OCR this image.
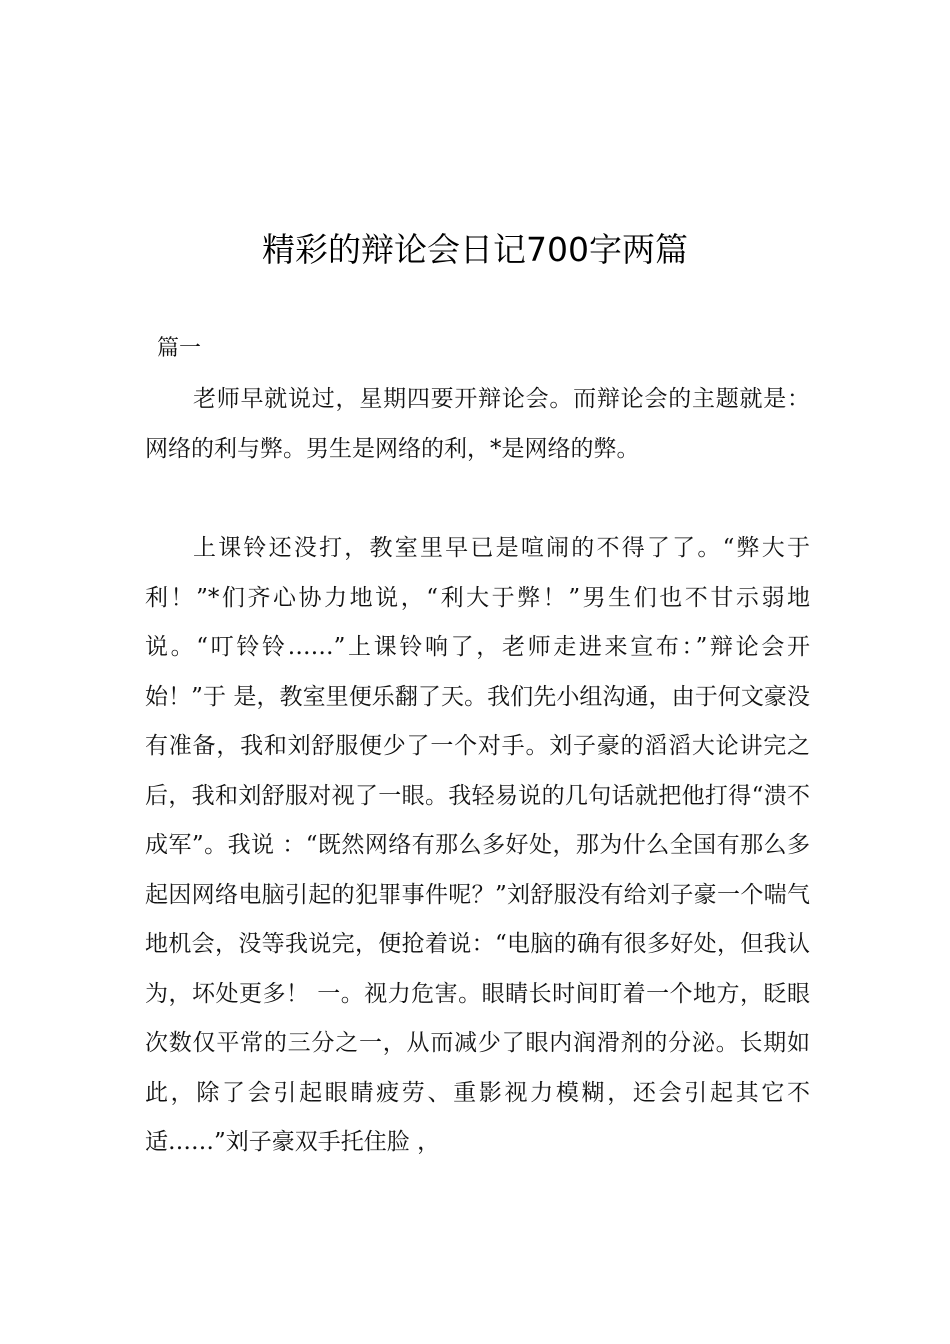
精彩的辩论会日记700字两篇

篇一

老师早就说过，星期四要开辩论会。而辩论会的主题就是：网络的利与弊。男生是网络的利，*是网络的弊。

上课铃还没打，教室里早已是喧闹的不得了了。“弊大于利！”*们齐心协力地说，“利大于弊！”男生们也不甘示弱地说。“叮铃铃……”上课铃响了，老师走进来宣布：”辩论会开始！”于 是，教室里便乐翻了天。我们先小组沟通，由于何文豪没有准备，我和刘舒服便少了一个对手。刘子豪的滔滔大论讲完之后，我和刘舒服对视了一眼。我轻易说的几句话就把他打得“溃不成军”。我说 ：“既然网络有那么多好处，那为什么全国有那么多起因网络电脑引起的犯罪事件呢？”刘舒服没有给刘子豪一个喘气地机会，没等我说完，便抢着说：“电脑的确有很多好处，但我认为，坏处更多！ 一。视力危害。眼睛长时间盯着一个地方，眨眼次数仅平常的三分之一，从而减少了眼内润滑剂的分泌。长期如此，除了会引起眼睛疲劳、重影视力模糊，还会引起其它不适……”刘子豪双手托住脸 ，
